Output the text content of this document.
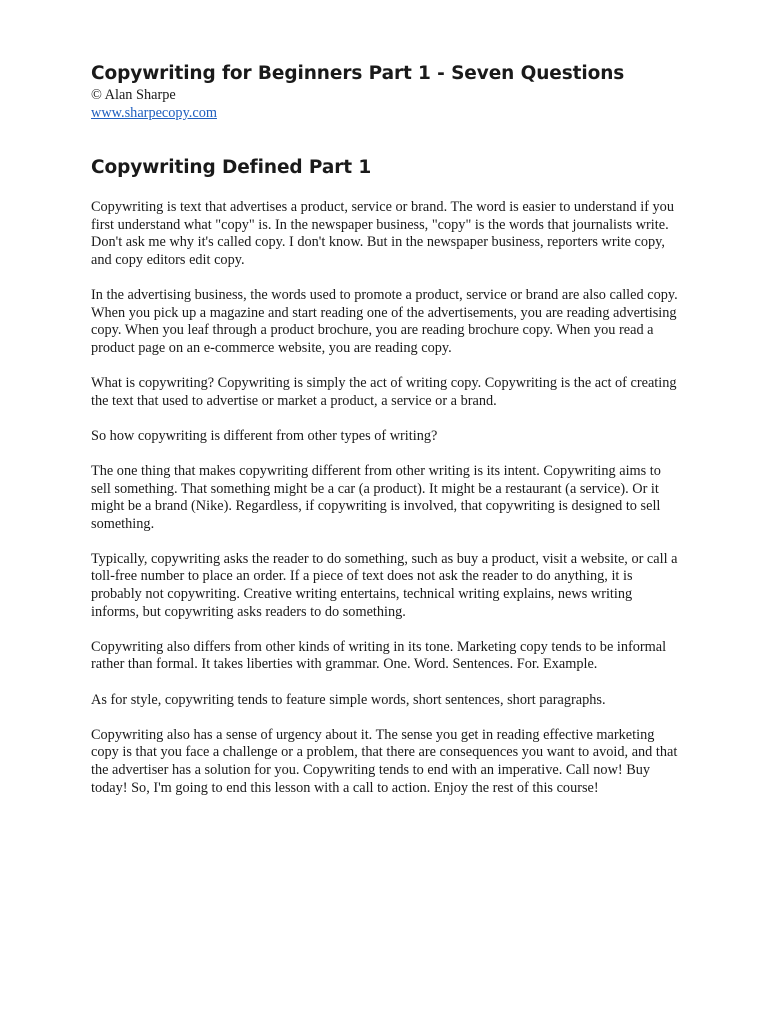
Copywriting for Beginners Part 1 - Seven Questions

© Alan Sharpe

www.sharpecopy.com
Copywriting Defined Part 1

Copywriting is text that advertises a product, service or brand. The word is easier to understand if you first understand what "copy" is. In the newspaper business, "copy" is the words that journalists write. Don't ask me why it's called copy. I don't know. But in the newspaper business, reporters write copy, and copy editors edit copy.

In the advertising business, the words used to promote a product, service or brand are also called copy. When you pick up a magazine and start reading one of the advertisements, you are reading advertising copy. When you leaf through a product brochure, you are reading brochure copy. When you read a product page on an e-commerce website, you are reading copy.

What is copywriting? Copywriting is simply the act of writing copy. Copywriting is the act of creating the text that used to advertise or market a product, a service or a brand.

So how copywriting is different from other types of writing?

The one thing that makes copywriting different from other writing is its intent. Copywriting aims to sell something. That something might be a car (a product). It might be a restaurant (a service). Or it might be a brand (Nike). Regardless, if copywriting is involved, that copywriting is designed to sell something.

Typically, copywriting asks the reader to do something, such as buy a product, visit a website, or call a toll-free number to place an order. If a piece of text does not ask the reader to do anything, it is probably not copywriting. Creative writing entertains, technical writing explains, news writing informs, but copywriting asks readers to do something.

Copywriting also differs from other kinds of writing in its tone. Marketing copy tends to be informal rather than formal. It takes liberties with grammar. One. Word. Sentences. For. Example.

As for style, copywriting tends to feature simple words, short sentences, short paragraphs.

Copywriting also has a sense of urgency about it. The sense you get in reading effective marketing copy is that you face a challenge or a problem, that there are consequences you want to avoid, and that the advertiser has a solution for you. Copywriting tends to end with an imperative. Call now! Buy today! So, I'm going to end this lesson with a call to action. Enjoy the rest of this course!
